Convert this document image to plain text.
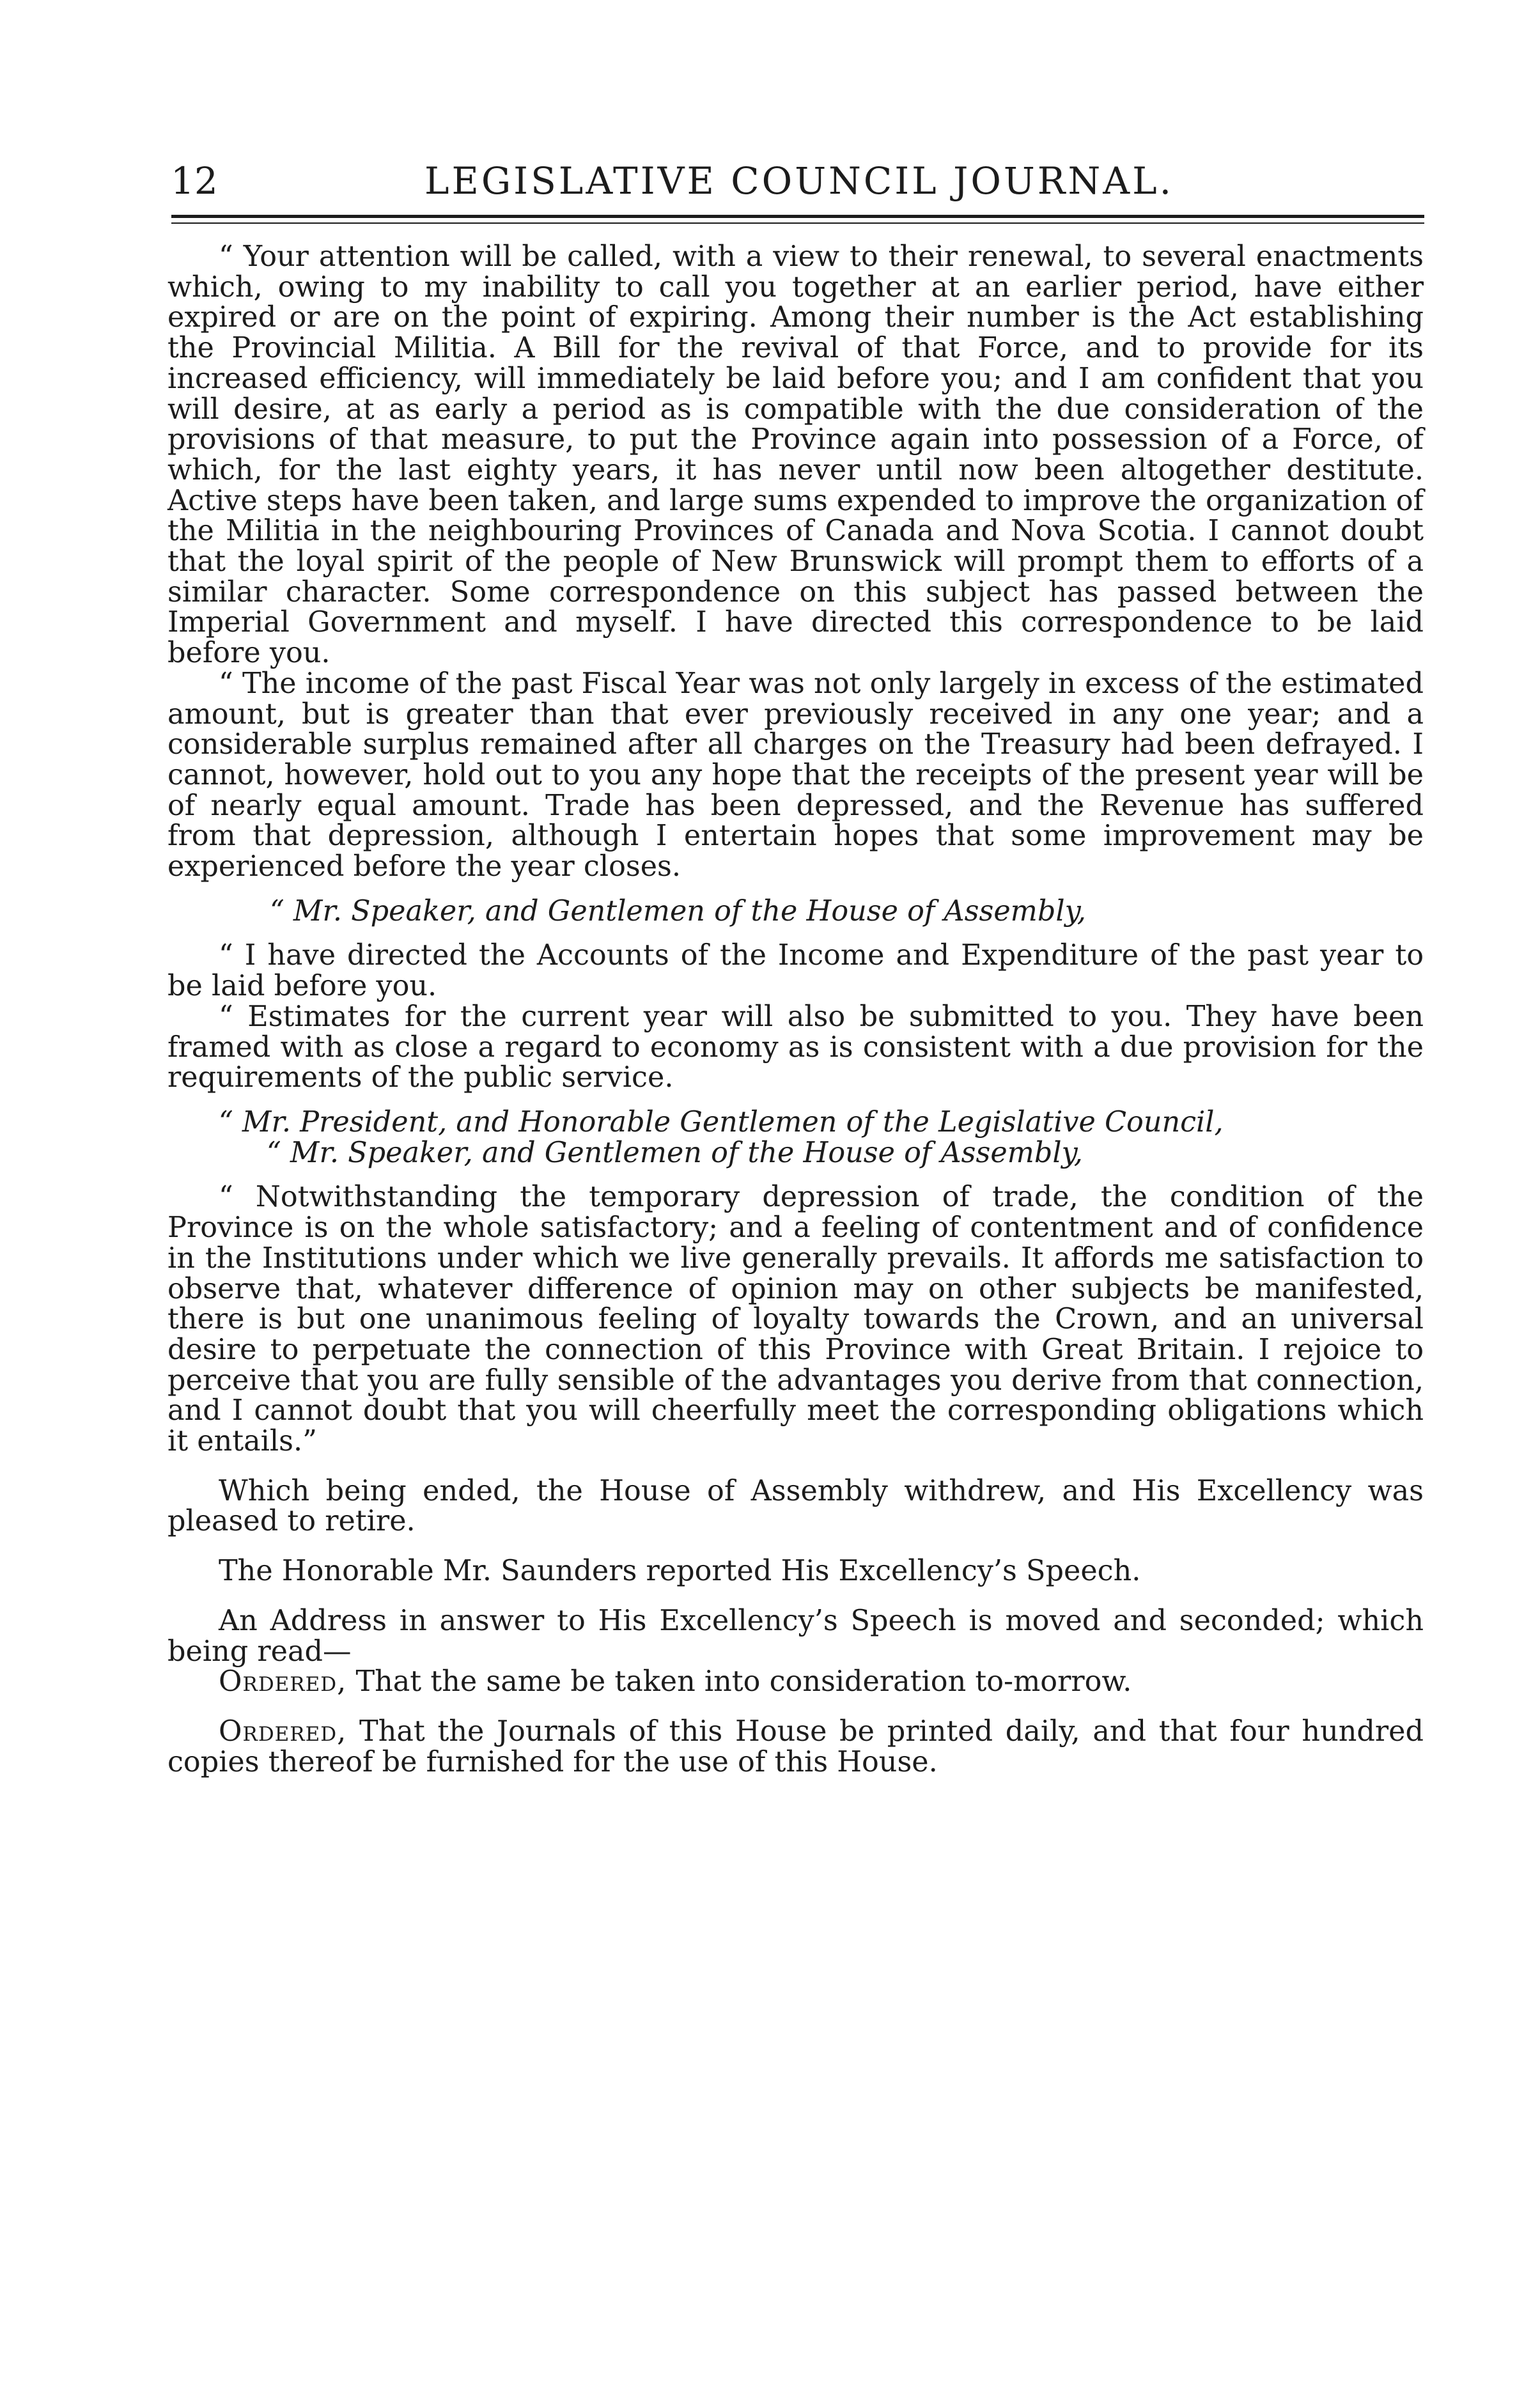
12	LEGISLATIVE COUNCIL JOURNAL.

“ Your attention will be called, with a view to their renewal, to several enactments which, owing to my inability to call you together at an earlier period, have either expired or are on the point of expiring. Among their number is the Act establishing the Provincial Militia. A Bill for the revival of that Force, and to provide for its increased efficiency, will immediately be laid before you; and I am confident that you will desire, at as early a period as is compatible with the due consideration of the provisions of that measure, to put the Province again into possession of a Force, of which, for the last eighty years, it has never until now been altogether destitute. Active steps have been taken, and large sums expended to improve the organization of the Militia in the neighbouring Provinces of Canada and Nova Scotia. I cannot doubt that the loyal spirit of the people of New Brunswick will prompt them to efforts of a similar character. Some correspondence on this subject has passed between the Imperial Government and myself. I have directed this correspondence to be laid before you.

“ The income of the past Fiscal Year was not only largely in excess of the estimated amount, but is greater than that ever previously received in any one year; and a considerable surplus remained after all charges on the Treasury had been defrayed. I cannot, however, hold out to you any hope that the receipts of the present year will be of nearly equal amount. Trade has been depressed, and the Revenue has suffered from that depression, although I entertain hopes that some improvement may be experienced before the year closes.

“ Mr. Speaker, and Gentlemen of the House of Assembly,

“ I have directed the Accounts of the Income and Expenditure of the past year to be laid before you.

“ Estimates for the current year will also be submitted to you. They have been framed with as close a regard to economy as is consistent with a due provision for the requirements of the public service.

“ Mr. President, and Honorable Gentlemen of the Legislative Council,

“ Mr. Speaker, and Gentlemen of the House of Assembly,

“ Notwithstanding the temporary depression of trade, the condition of the Province is on the whole satisfactory; and a feeling of contentment and of confidence in the Institutions under which we live generally prevails. It affords me satisfaction to observe that, whatever difference of opinion may on other subjects be manifested, there is but one unanimous feeling of loyalty towards the Crown, and an universal desire to perpetuate the connection of this Province with Great Britain. I rejoice to perceive that you are fully sensible of the advantages you derive from that connection, and I cannot doubt that you will cheerfully meet the corresponding obligations which it entails.”

Which being ended, the House of Assembly withdrew, and His Excellency was pleased to retire.

The Honorable Mr. Saunders reported His Excellency’s Speech.

An Address in answer to His Excellency’s Speech is moved and seconded; which being read—

Ordered, That the same be taken into consideration to-morrow.

Ordered, That the Journals of this House be printed daily, and that four hundred copies thereof be furnished for the use of this House.
